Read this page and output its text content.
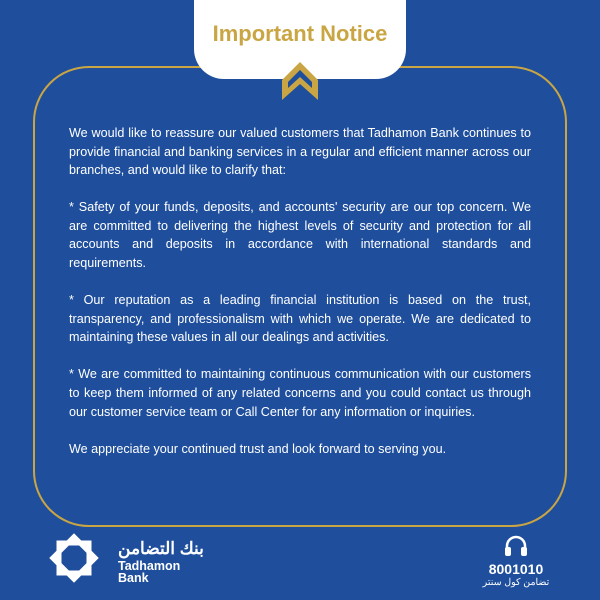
Important Notice

We would like to reassure our valued customers that Tadhamon Bank continues to provide financial and banking services in a regular and efficient manner across our branches, and would like to clarify that:

* Safety of your funds, deposits, and accounts' security are our top concern. We are committed to delivering the highest levels of security and protection for all accounts and deposits in accordance with international standards and requirements.

* Our reputation as a leading financial institution is based on the trust, transparency, and professionalism with which we operate. We are dedicated to maintaining these values in all our dealings and activities.

* We are committed to maintaining continuous communication with our customers to keep them informed of any related concerns and you could contact us through our customer service team or Call Center for any information or inquiries.

We appreciate your continued trust and look forward to serving you.

بنك التضامن
Tadhamon
Bank
8001010
تضامن كول سنتر
